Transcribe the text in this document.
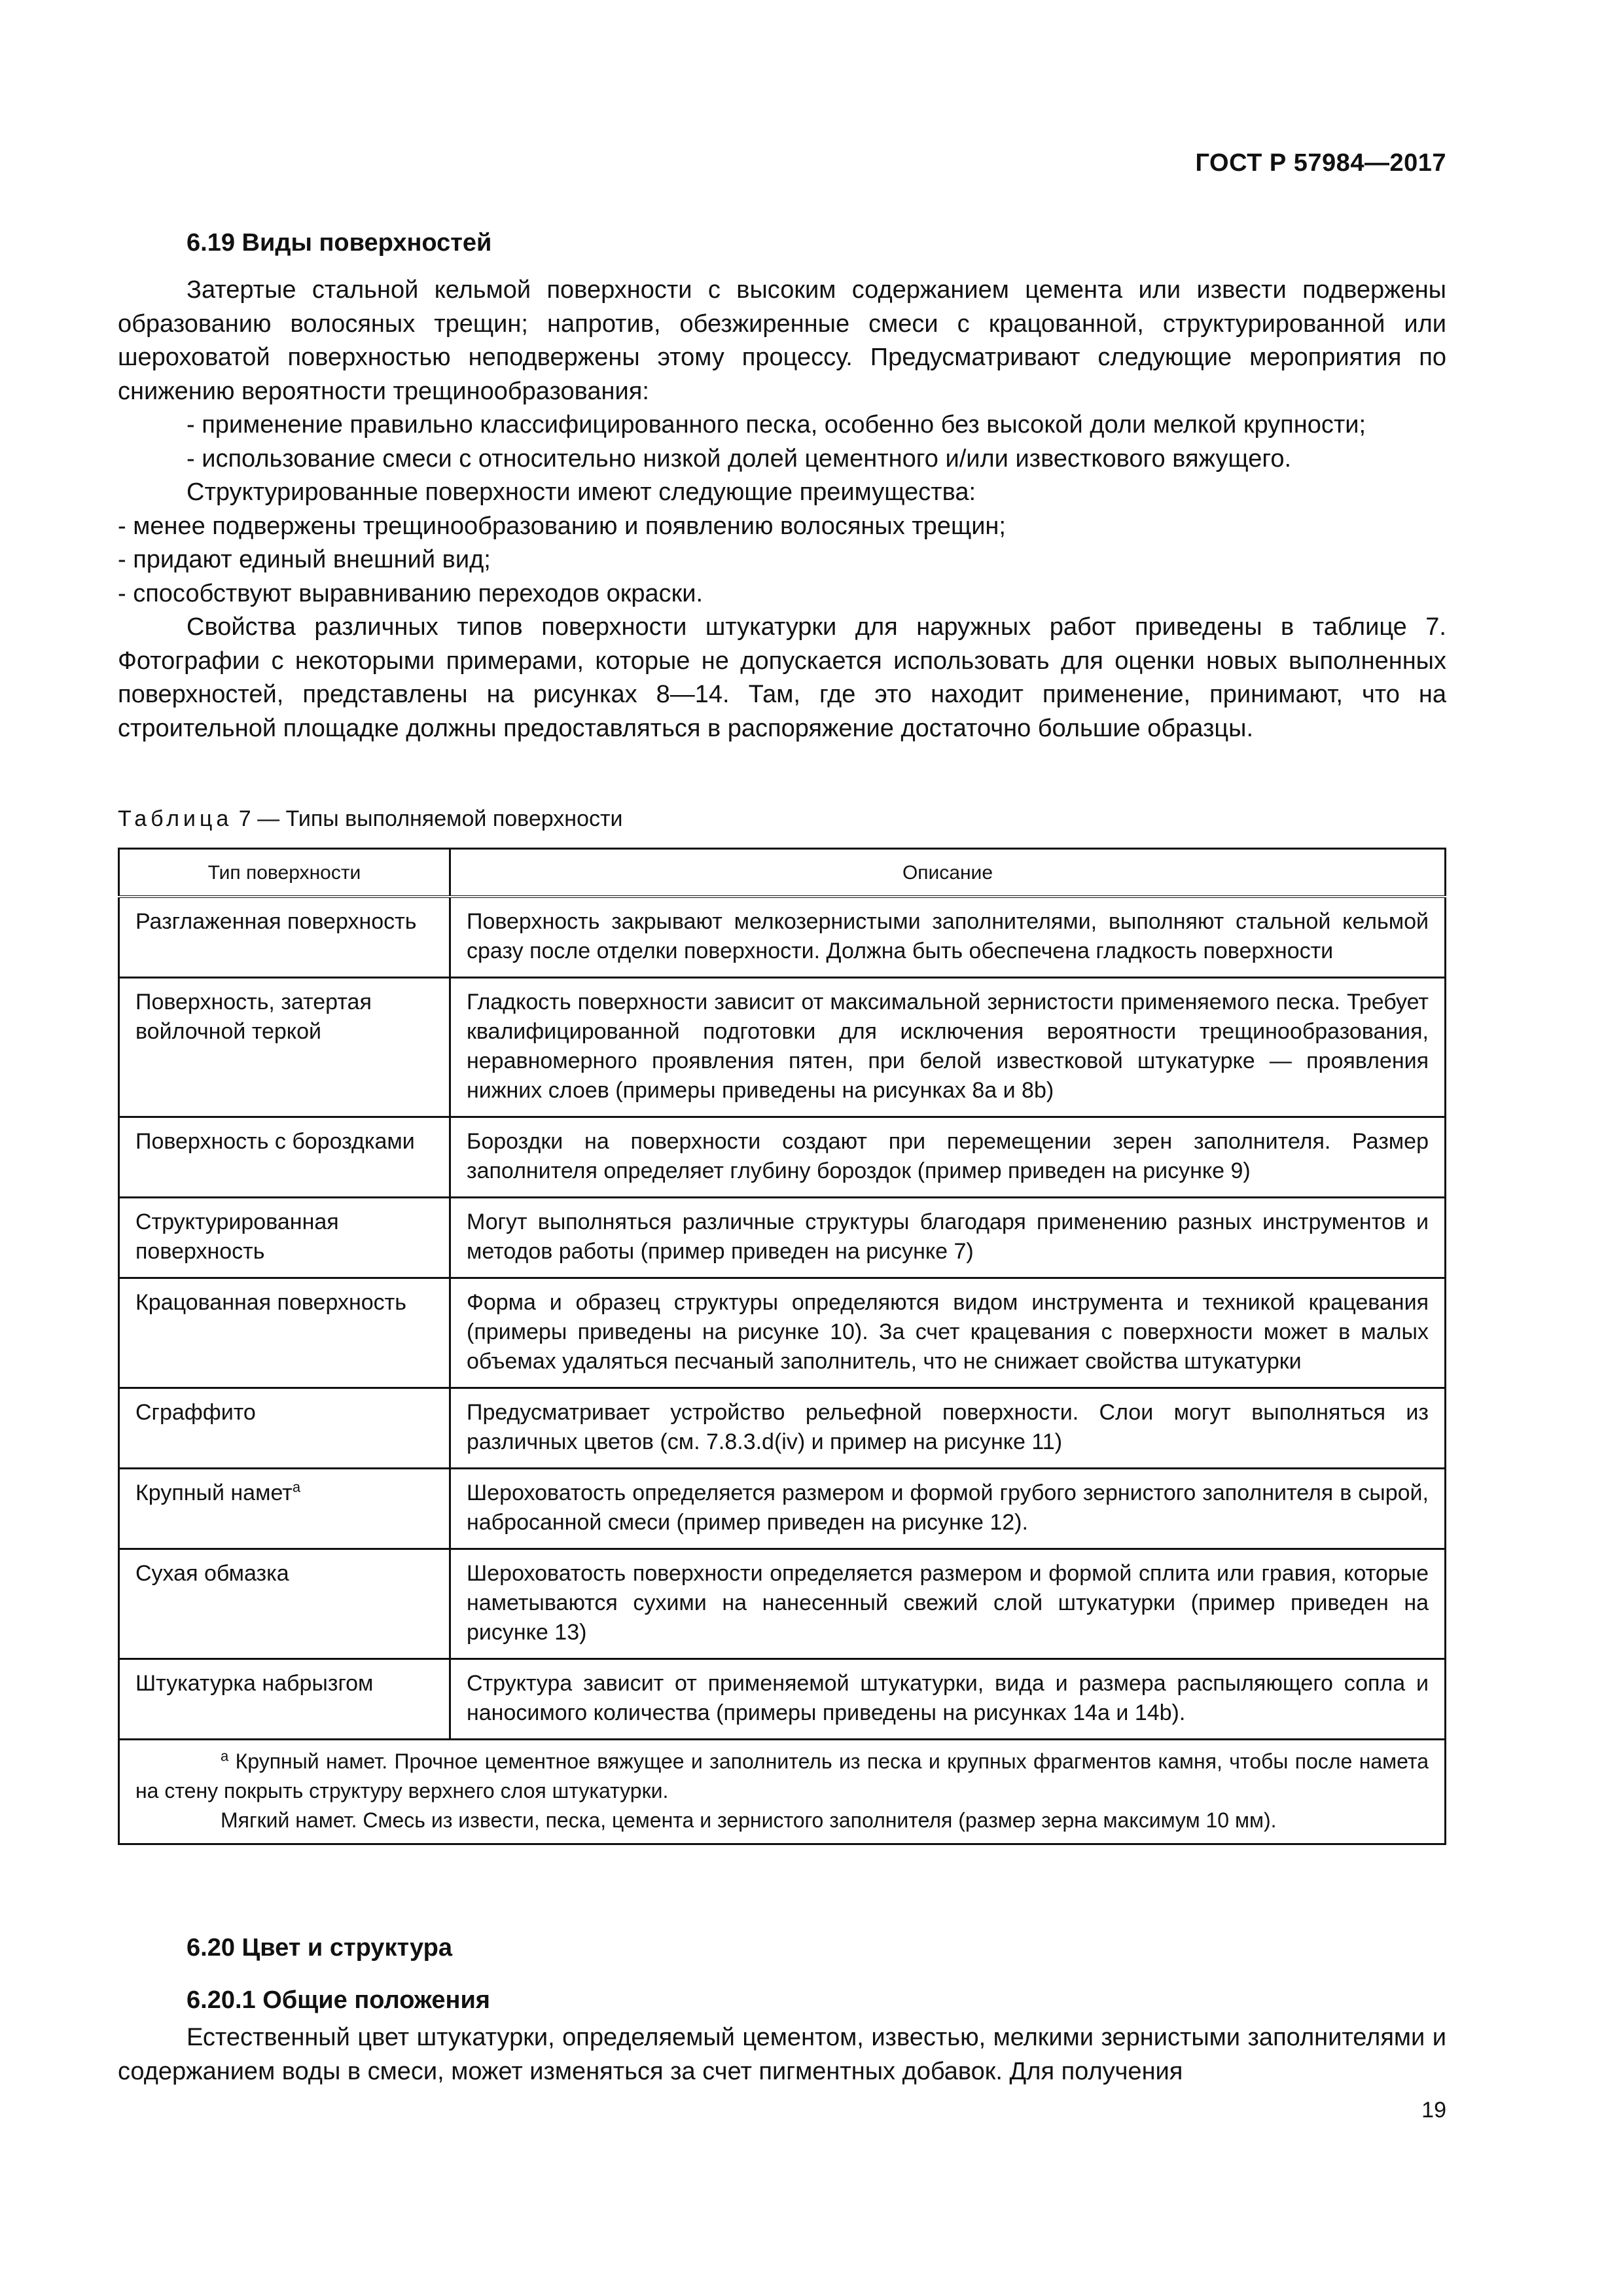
ГОСТ Р 57984—2017
6.19 Виды поверхностей

Затертые стальной кельмой поверхности с высоким содержанием цемента или извести подвержены образованию волосяных трещин; напротив, обезжиренные смеси с крацованной, структурированной или шероховатой поверхностью неподвержены этому процессу. Предусматривают следующие мероприятия по снижению вероятности трещинообразования:

- применение правильно классифицированного песка, особенно без высокой доли мелкой крупности;

- использование смеси с относительно низкой долей цементного и/или известкового вяжущего.

Структурированные поверхности имеют следующие преимущества:

- менее подвержены трещинообразованию и появлению волосяных трещин;

- придают единый внешний вид;

- способствуют выравниванию переходов окраски.

Свойства различных типов поверхности штукатурки для наружных работ приведены в таблице 7. Фотографии с некоторыми примерами, которые не допускается использовать для оценки новых выполненных поверхностей, представлены на рисунках 8—14. Там, где это находит применение, принимают, что на строительной площадке должны предоставляться в распоряжение достаточно большие образцы.

Таблица 7 — Типы выполняемой поверхности
Тип поверхности	Описание
Разглаженная поверхность	Поверхность закрывают мелкозернистыми заполнителями, выполняют стальной кельмой сразу после отделки поверхности. Должна быть обеспечена гладкость поверхности
Поверхность, затертая войлочной теркой	Гладкость поверхности зависит от максимальной зернистости применяемого песка. Требует квалифицированной подготовки для исключения вероятности трещинообразования, неравномерного проявления пятен, при белой известковой штукатурке — проявления нижних слоев (примеры приведены на рисунках 8a и 8b)
Поверхность с бороздками	Бороздки на поверхности создают при перемещении зерен заполнителя. Размер заполнителя определяет глубину бороздок (пример приведен на рисунке 9)
Структурированная поверхность	Могут выполняться различные структуры благодаря применению разных инструментов и методов работы (пример приведен на рисунке 7)
Крацованная поверхность	Форма и образец структуры определяются видом инструмента и техникой крацевания (примеры приведены на рисунке 10). За счет крацевания с поверхности может в малых объемах удаляться песчаный заполнитель, что не снижает свойства штукатурки
Сграффито	Предусматривает устройство рельефной поверхности. Слои могут выполняться из различных цветов (см. 7.8.3.d(iv) и пример на рисунке 11)
Крупный намет$^a$	Шероховатость определяется размером и формой грубого зернистого заполнителя в сырой, набросанной смеси (пример приведен на рисунке 12).
Сухая обмазка	Шероховатость поверхности определяется размером и формой сплита или гравия, которые наметываются сухими на нанесенный свежий слой штукатурки (пример приведен на рисунке 13)
Штукатурка набрызгом	Структура зависит от применяемой штукатурки, вида и размера распыляющего сопла и наносимого количества (примеры приведены на рисунках 14a и 14b).

$^a$ Крупный намет. Прочное цементное вяжущее и заполнитель из песка и крупных фрагментов камня, чтобы после намета на стену покрыть структуру верхнего слоя штукатурки.

Мягкий намет. Смесь из извести, песка, цемента и зернистого заполнителя (размер зерна максимум 10 мм).	

6.20 Цвет и структура
6.20.1 Общие положения

Естественный цвет штукатурки, определяемый цементом, известью, мелкими зернистыми заполнителями и содержанием воды в смеси, может изменяться за счет пигментных добавок. Для получения

19
